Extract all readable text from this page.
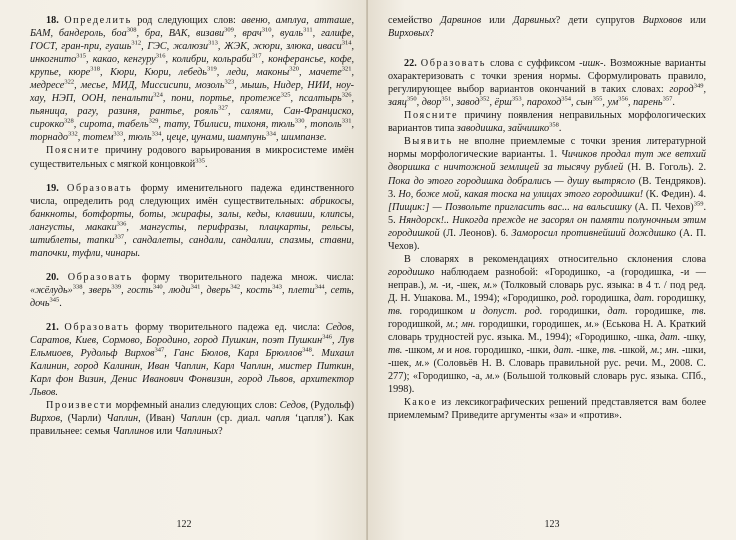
18. Определить род следующих слов: авеню, амплуа, атташe, БАМ, бандероль, боа$^{308}$, бра, ВАК, визави$^{309}$, врач$^{310}$, вуаль$^{311}$, галифе, ГОСТ, гран-при, гуашь$^{312}$, ГЭС, жалюзи$^{313}$, ЖЭК, жюри, злюка, иваси$^{314}$, инкогнито$^{315}$, какао, кенгуру$^{316}$, колибри, кольраби$^{317}$, конферансье, кофе, крупье, кюре$^{318}$, Кюри, Кюри, лебедь$^{319}$, леди, маконы$^{320}$, мачете$^{321}$, медресе$^{322}$, месье, МИД, Миссисипи, мозоль$^{323}$, мышь, Нидер, НИИ, ноу-хау, НЭП, ООН, пенальти$^{324}$, пони, портье, протеже$^{325}$, псалтырь$^{326}$, пьяница, рагу, разиня, рантье, рояль$^{327}$, салями, Сан-Франциско, сирокко$^{328}$, сирота, табель$^{329}$, тату, Тбилиси, тихоня, тюль$^{330}$, тополь$^{331}$, торнадо$^{332}$, тотем$^{333}$, тюль$^{334}$, цеце, цунами, шампунь$^{334}$, шимпанзе.

Поясните причину родового варьирования в микросистеме имён существительных с мягкой концовкой$^{335}$.

19. Образовать форму именительного падежа единственного числа, определить род следующих имён существительных: абрикосы, банкноты, ботфорты, боты, жирафы, залы, кеды, клавиши, клипсы, лангусты, макаки$^{336}$, мангусты, перифразы, плацкарты, рельсы, штиблеты, тапки$^{337}$, сандалеты, сандали, сандалии, спазмы, ставни, тапочки, туфли, чинары.

20. Образовать форму творительного падежа множ. числа: «жёлудь»$^{338}$, зверь$^{339}$, гость$^{340}$, люди$^{341}$, дверь$^{342}$, кость$^{343}$, плети$^{344}$, сеть, дочь$^{345}$.

21. Образовать форму творительного падежа ед. числа: Седов, Саратов, Киев, Сормово, Бородино, город Пушкин, поэт Пушкин$^{346}$, Лув Ельмиоев, Рудольф Вирхов$^{347}$, Ганс Бюлов, Карл Брюллов$^{348}$. Михаил Калинин, город Калинин, Иван Чаплин, Карл Чаплин, мистер Питкин, Карл фон Визин, Денис Иванович Фонвизин, город Львов, архитектор Львов.

Произвести морфемный анализ следующих слов: Седов, (Рудольф) Вирхов, (Чарли) Чаплин, (Иван) Чаплин (ср. диал. чапля ‘цапля’). Как правильнее: семья Чаплинов или Чаплиных?

122

семейство Дарвинов или Дарвиных? дети супругов Вирховов или Вирховых?

22. Образовать слова с суффиксом -ишк-. Возможные варианты охарактеризовать с точки зрения нормы. Сформулировать правило, регулирующее выбор вариантов окончаний в таких словах: город$^{349}$, заяц$^{350}$, двор$^{351}$, завод$^{352}$, ёрш$^{353}$, пароход$^{354}$, сын$^{355}$, $ум^{356}$, парень$^{357}$.

Поясните причину появления неправильных морфологических вариантов типа заводишка, зайчишко$^{358}$.

Выявить не вполне приемлемые с точки зрения литературной нормы морфологические варианты. 1. Чичиков продал тут же ветхий дворишка с ничтожной землицей за тысячу рублей (Н. В. Гоголь). 2. Пока до этого городишка добрались — душу вытрясло (В. Тендряков). 3. Но, боже мой, какая тоска на улицах этого городишки! (К. Федин). 4. [Пищик:] — Позвольте пригласить вас... на вальсишку (А. П. Чехов)$^{359}$. 5. Няндорск!.. Никогда прежде не засорял он памяти полуночным этим городишкой (Л. Леонов). 6. Заморосил противнейший дождишко (А. П. Чехов).

В словарях в рекомендациях относительно склонения слова городишко наблюдаем разнобой: «Городишко, -а (городишка, -и — неправ.), м. -и, -шек, м.» (Толковый словарь рус. языка: в 4 т. / под ред. Д. Н. Ушакова. М., 1994); «Городишко, род. городишка, дат. городишку, тв. городишком и допуст. род. городишки, дат. городишке, тв. городишкой, м.; мн. городишки, городишек, м.» (Еськова Н. А. Краткий словарь трудностей рус. языка. М., 1994); «Городишко, -шка, дат. -шку, тв. -шком, м и нов. городишко, -шки, дат. -шке, тв. -шкой, м.; мн. -шки, -шек, м.» (Соловьёв Н. В. Словарь правильной рус. речи. М., 2008. С. 277); «Городишко, -а, м.» (Большой толковый словарь рус. языка. СПб., 1998).

Какое из лексикографических решений представляется вам более приемлемым? Приведите аргументы «за» и «против».

123
